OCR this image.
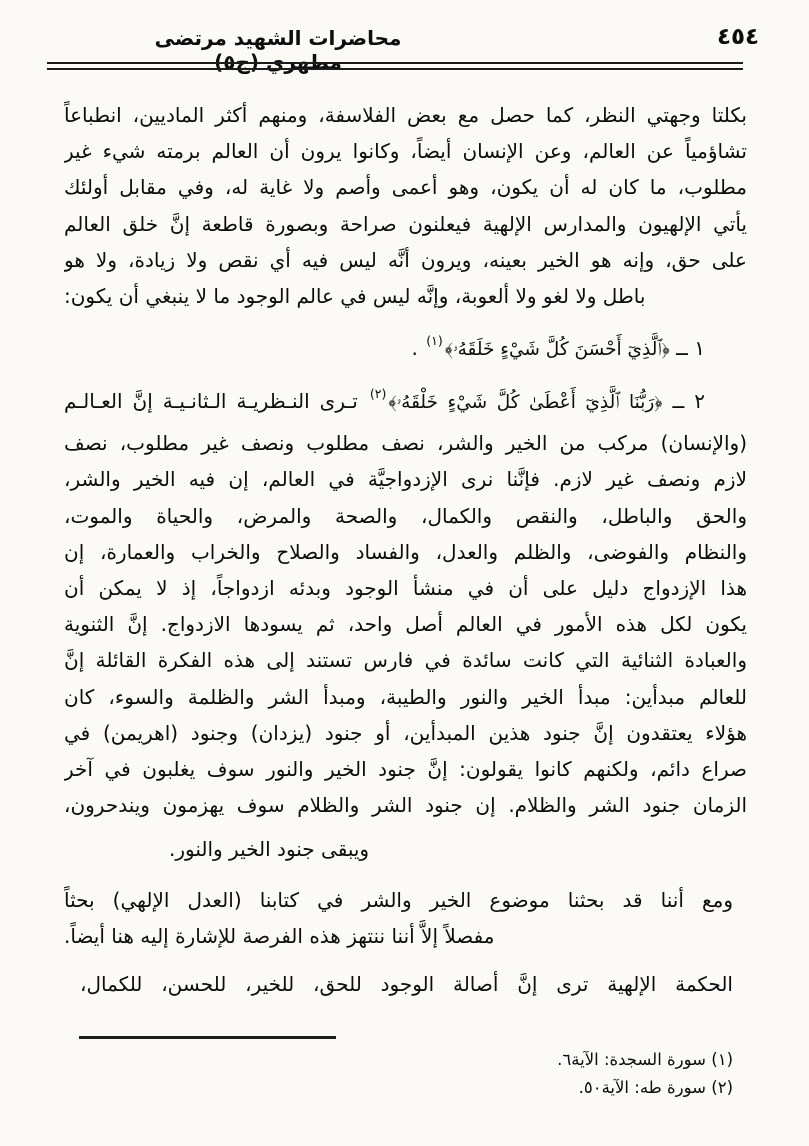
٤٥٤
محاضرات الشهيد مرتضى مطهري (ج٥)
بكلتا وجهتي النظر، كما حصل مع بعض الفلاسفة، ومنهم أكثر الماديين، انطباعاً
تشاؤمياً عن العالم، وعن الإنسان أيضاً، وكانوا يرون أن العالم برمته شيء غير
مطلوب، ما كان له أن يكون، وهو أعمى وأصم ولا غاية له، وفي مقابل أولئك
يأتي الإلهيون والمدارس الإلهية فيعلنون صراحة وبصورة قاطعة إنَّ خلق العالم
على حق، وإنه هو الخير بعينه، ويرون أنَّه ليس فيه أي نقص ولا زيادة، ولا هو
باطل ولا لغو ولا ألعوبة، وإنَّه ليس في عالم الوجود ما لا ينبغي أن يكون:
١ ــ ﴿ٱلَّذِيٓ أَحْسَنَ كُلَّ شَيْءٍ خَلَقَهُۥ﴾(١) .
٢ ــ ﴿رَبُّنَا ٱلَّذِيٓ أَعْطَىٰ كُلَّ شَيْءٍ خَلْقَهُۥ﴾(٢) تـرى النـظريـة الـثانـيـة إنَّ العـالـم
(والإنسان) مركب من الخير والشر، نصف مطلوب ونصف غير مطلوب، نصف
لازم ونصف غير لازم. فإنَّنا نرى الإزدواجيَّة في العالم، إن فيه الخير والشر،
والحق والباطل، والنقص والكمال، والصحة والمرض، والحياة والموت،
والنظام والفوضى، والظلم والعدل، والفساد والصلاح والخراب والعمارة، إن
هذا الإزدواج دليل على أن في منشأ الوجود وبدئه ازدواجاً، إذ لا يمكن أن
يكون لكل هذه الأمور في العالم أصل واحد، ثم يسودها الازدواج. إنَّ الثنوية
والعبادة الثنائية التي كانت سائدة في فارس تستند إلى هذه الفكرة القائلة إنَّ
للعالم مبدأين: مبدأ الخير والنور والطيبة، ومبدأ الشر والظلمة والسوء، كان
هؤلاء يعتقدون إنَّ جنود هذين المبدأين، أو جنود (يزدان) وجنود (اهريمن) في
صراع دائم، ولكنهم كانوا يقولون: إنَّ جنود الخير والنور سوف يغلبون في آخر
الزمان جنود الشر والظلام. إن جنود الشر والظلام سوف يهزمون ويندحرون،
ويبقى جنود الخير والنور.
ومع أننا قد بحثنا موضوع الخير والشر في كتابنا (العدل الإلهي) بحثاً
مفصلاً إلاَّ أننا ننتهز هذه الفرصة للإشارة إليه هنا أيضاً.
الحكمة الإلهية ترى إنَّ أصالة الوجود للحق، للخير، للحسن، للكمال،
(١) سورة السجدة: الآية٦.
(٢) سورة طه: الآية٥٠.
